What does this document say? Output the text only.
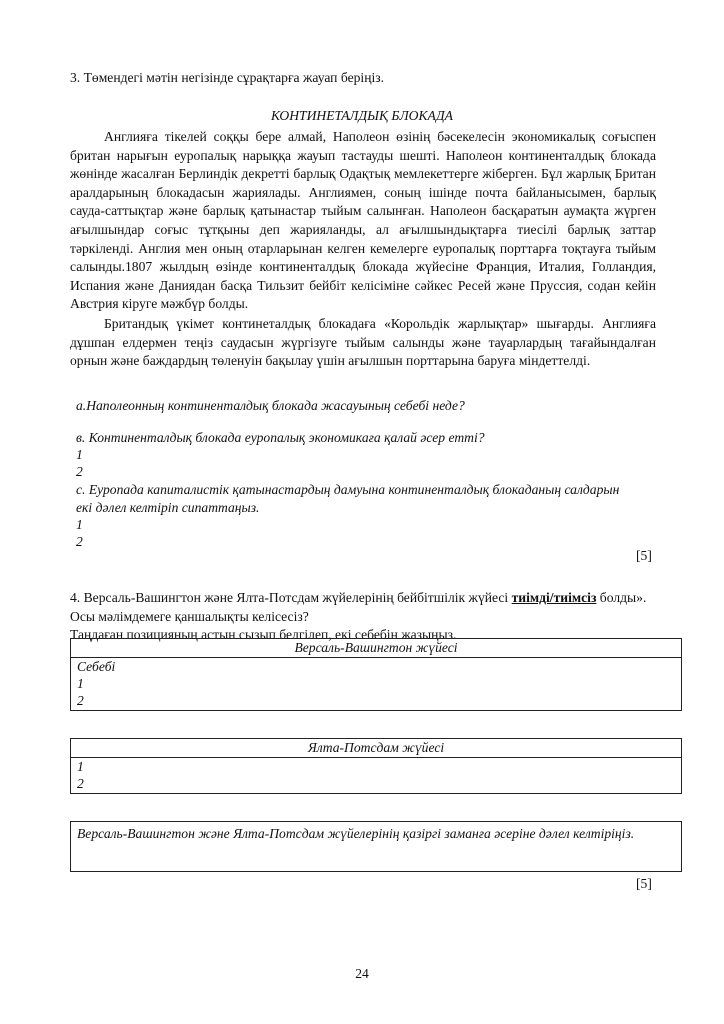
3. Төмендегі мәтін негізінде сұрақтарға жауап беріңіз.
КОНТИНЕТАЛДЫҚ БЛОКАДА
Англияға тікелей соққы бере алмай, Наполеон өзінің бәсекелесін экономикалық соғыспен британ нарығын еуропалық нарыққа жауып тастауды шешті. Наполеон континенталдық блокада жөнінде жасалған Берлиндік декретті барлық Одақтық мемлекеттерге жіберген. Бұл жарлық Британ аралдарының блокадасын жариялады. Англиямен, соның ішінде почта байланысымен, барлық сауда-саттықтар және барлық қатынастар тыйым салынған. Наполеон басқаратын аумақта жүрген ағылшындар соғыс тұтқыны деп жарияланды, ал ағылшындықтарға тиесілі барлық заттар тәркіленді. Англия мен оның отарларынан келген кемелерге еуропалық порттарға тоқтауға тыйым салынды.1807 жылдың өзінде континенталдық блокада жүйесіне Франция, Италия, Голландия, Испания және Даниядан басқа Тильзит бейбіт келісіміне сәйкес Ресей және Пруссия, содан кейін Австрия кіруге мәжбүр болды.
Британдық үкімет континеталдық блокадаға «Корольдік жарлықтар» шығарды. Англияға дұшпан елдермен теңіз саудасын жүргізуге тыйым салынды және тауарлардың тағайындалған орнын және баждардың төленуін бақылау үшін ағылшын порттарына баруға міндеттелді.
а.Наполеонның континенталдық блокада жасауының себебі неде?
в. Континенталдық блокада еуропалық экономикаға қалай әсер етті?
1
2
с. Еуропада капиталистік қатынастардың дамуына континенталдық блокаданың салдарын екі дәлел келтіріп сипаттаңыз.
1
2
[5]
4. Версаль-Вашингтон және Ялта-Потсдам жүйелерінің бейбітшілік жүйесі тиімді/тиімсіз болды». Осы мәлімдемеге қаншалықты келісесіз?
Таңдаған позицияның астын сызып белгілеп, екі себебін жазыңыз.
Версаль-Вашингтон жүйесі
Себебі
1
2
Ялта-Потсдам жүйесі
1
2
Версаль-Вашингтон және Ялта-Потсдам жүйелерінің қазіргі заманға әсеріне дәлел келтіріңіз.
[5]
24
